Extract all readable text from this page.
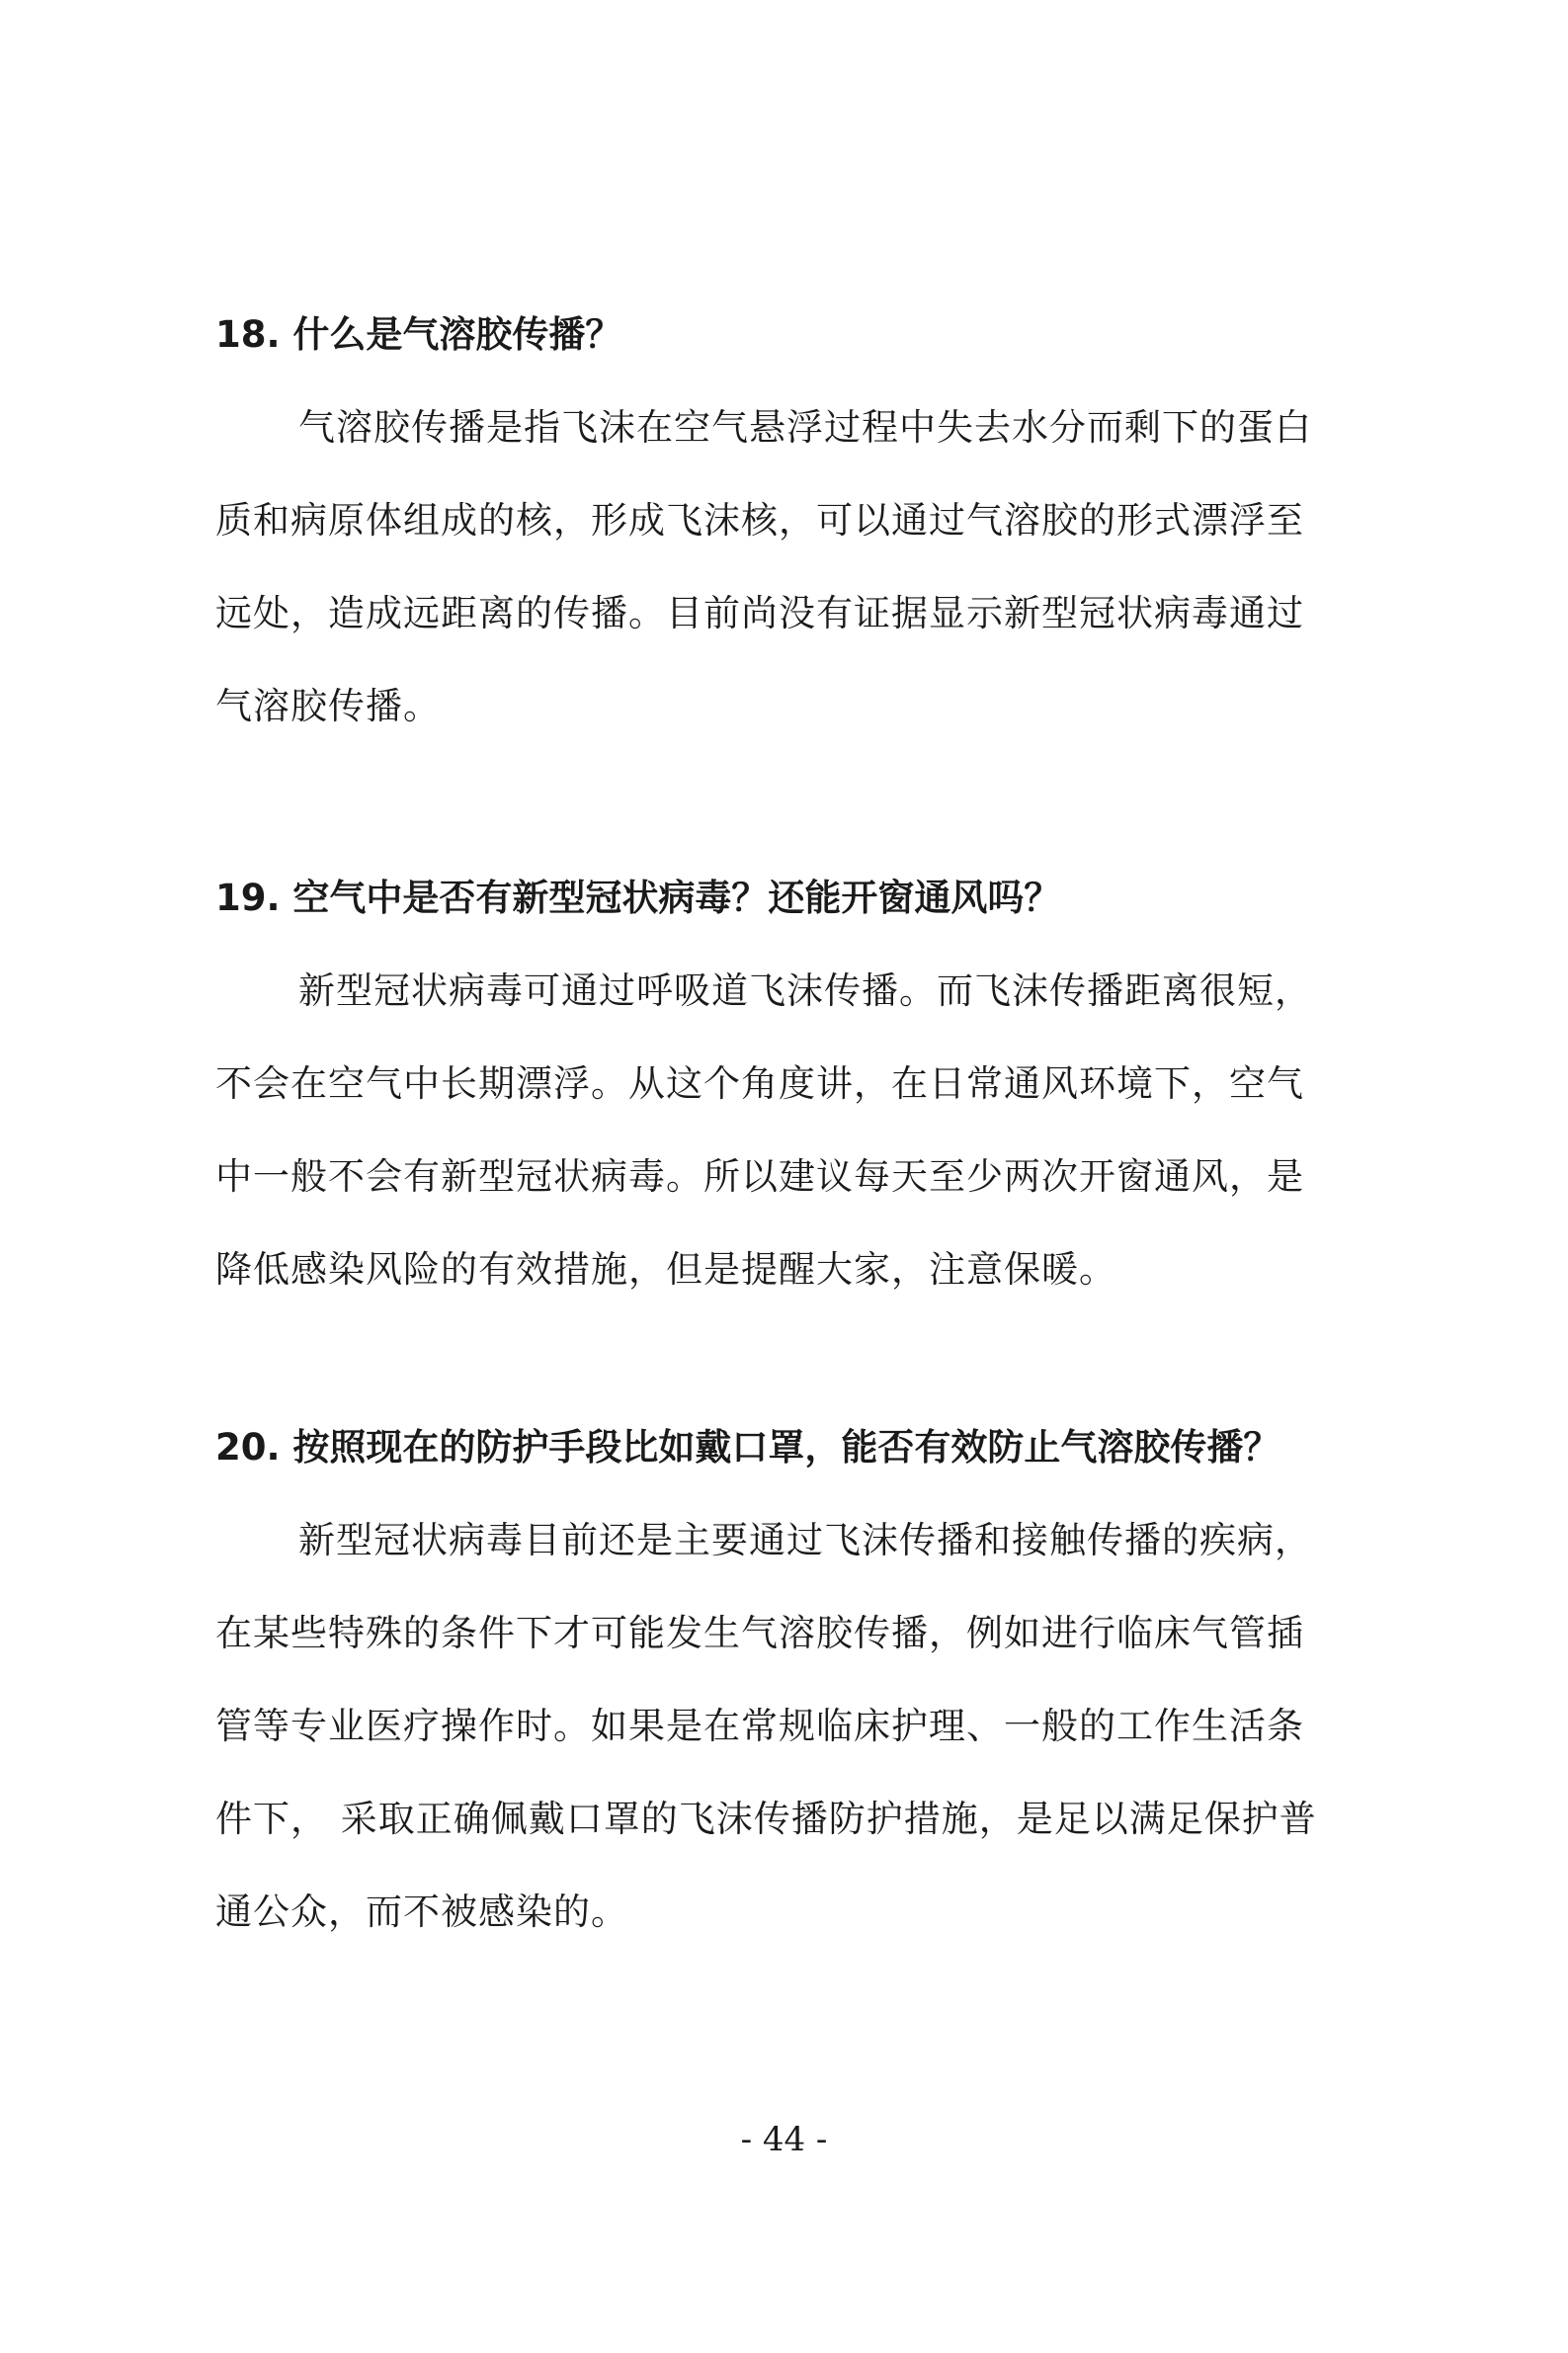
18. 什么是气溶胶传播？

气溶胶传播是指飞沫在空气悬浮过程中失去水分而剩下的蛋白质和病原体组成的核，形成飞沫核，可以通过气溶胶的形式漂浮至远处，造成远距离的传播。目前尚没有证据显示新型冠状病毒通过气溶胶传播。

19. 空气中是否有新型冠状病毒？还能开窗通风吗？

新型冠状病毒可通过呼吸道飞沫传播。而飞沫传播距离很短，不会在空气中长期漂浮。从这个角度讲，在日常通风环境下，空气中一般不会有新型冠状病毒。所以建议每天至少两次开窗通风，是降低感染风险的有效措施，但是提醒大家，注意保暖。

20. 按照现在的防护手段比如戴口罩，能否有效防止气溶胶传播？

新型冠状病毒目前还是主要通过飞沫传播和接触传播的疾病，在某些特殊的条件下才可能发生气溶胶传播，例如进行临床气管插管等专业医疗操作时。如果是在常规临床护理、一般的工作生活条件下， 采取正确佩戴口罩的飞沫传播防护措施，是足以满足保护普通公众，而不被感染的。

- 44 -
